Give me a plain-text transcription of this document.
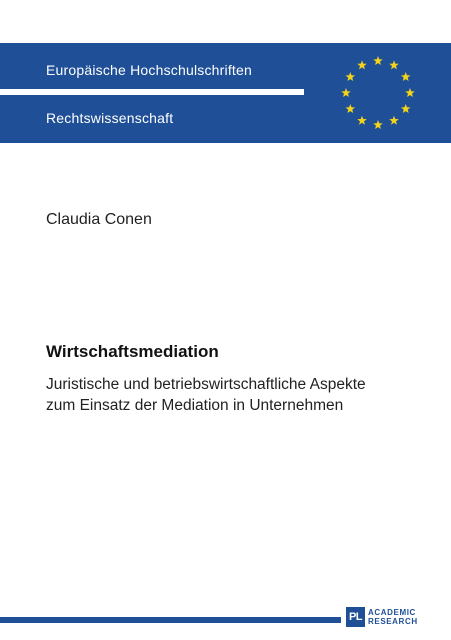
Europäische Hochschulschriften
Rechtswissenschaft
Claudia Conen
Wirtschaftsmediation
Juristische und betriebswirtschaftliche Aspekte
zum Einsatz der Mediation in Unternehmen
PL ACADEMIC
RESEARCH
